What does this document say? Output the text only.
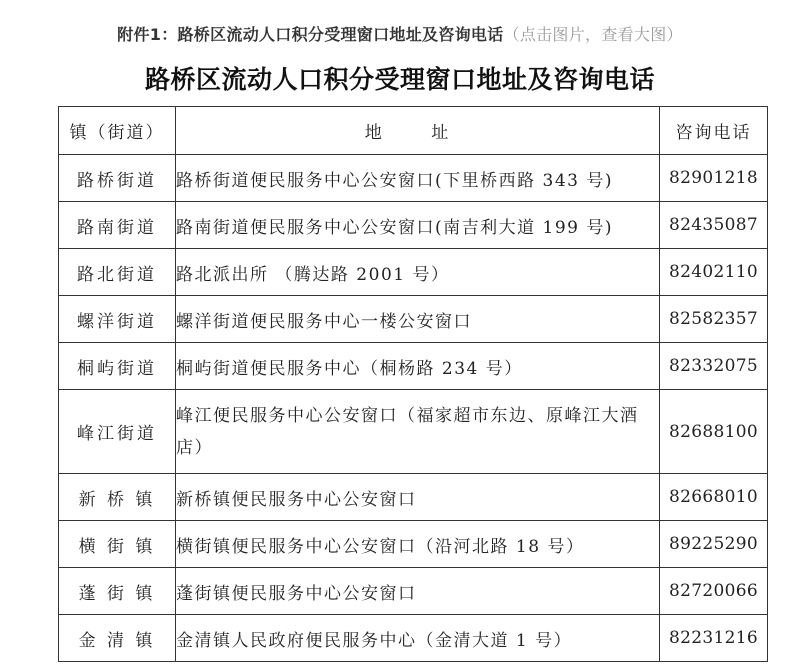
附件1：路桥区流动人口积分受理窗口地址及咨询电话（点击图片，查看大图）
路桥区流动人口积分受理窗口地址及咨询电话
镇（街道）	地 址	咨询电话
路桥街道	路桥街道便民服务中心公安窗口(下里桥西路 343 号)	82901218
路南街道	路南街道便民服务中心公安窗口(南吉利大道 199 号)	82435087
路北街道	路北派出所 （腾达路 2001 号）	82402110
螺洋街道	螺洋街道便民服务中心一楼公安窗口	82582357
桐屿街道	桐屿街道便民服务中心（桐杨路 234 号）	82332075
峰江街道	峰江便民服务中心公安窗口（福家超市东边、原峰江大酒店）	82688100
新 桥 镇	新桥镇便民服务中心公安窗口	82668010
横 街 镇	横街镇便民服务中心公安窗口（沿河北路 18 号）	89225290
蓬 街 镇	蓬街镇便民服务中心公安窗口	82720066
金 清 镇	金清镇人民政府便民服务中心（金清大道 1 号）	82231216
